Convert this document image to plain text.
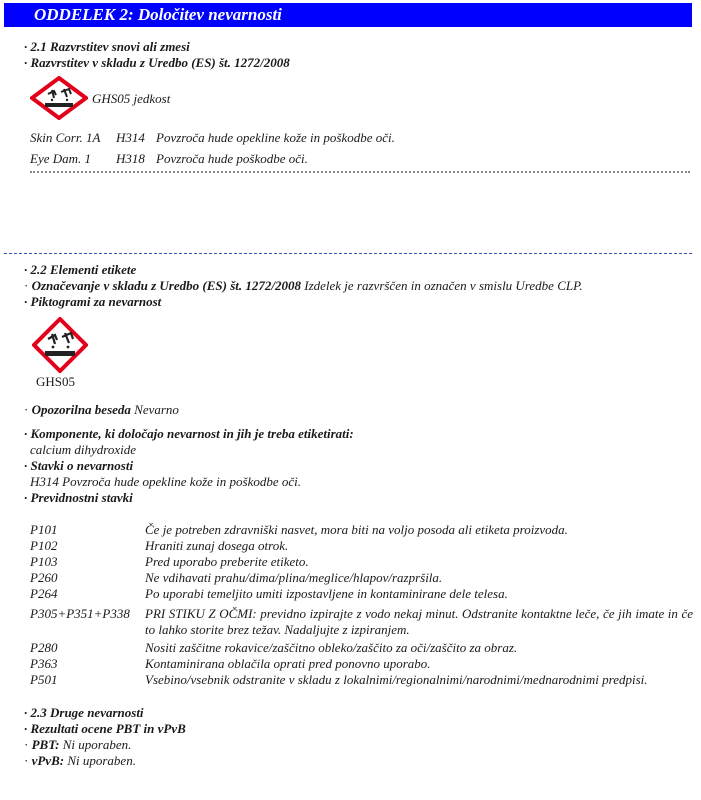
ODDELEK 2: Določitev nevarnosti
· 2.1 Razvrstitev snovi ali zmesi
· Razvrstitev v skladu z Uredbo (ES) št. 1272/2008
GHS05 jedkost
Skin Corr. 1A H314 Povzroča hude opekline kože in poškodbe oči.
Eye Dam. 1 H318 Povzroča hude poškodbe oči.
· 2.2 Elementi etikete
· Označevanje v skladu z Uredbo (ES) št. 1272/2008 Izdelek je razvrščen in označen v smislu Uredbe CLP.
· Piktogrami za nevarnost
GHS05
· Opozorilna beseda Nevarno
· Komponente, ki določajo nevarnost in jih je treba etiketirati:
calcium dihydroxide
· Stavki o nevarnosti
H314 Povzroča hude opekline kože in poškodbe oči.
· Previdnostni stavki
P101	Če je potreben zdravniški nasvet, mora biti na voljo posoda ali etiketa proizvoda.
P102	Hraniti zunaj dosega otrok.
P103	Pred uporabo preberite etiketo.
P260	Ne vdihavati prahu/dima/plina/meglice/hlapov/razpršila.
P264	Po uporabi temeljito umiti izpostavljene in kontaminirane dele telesa.
P305+P351+P338 PRI STIKU Z OČMI: previdno izpirajte z vodo nekaj minut. Odstranite kontaktne leče, če jih imate in če to lahko storite brez težav. Nadaljujte z izpiranjem.
P280	Nositi zaščitne rokavice/zaščitno obleko/zaščito za oči/zaščito za obraz.
P363	Kontaminirana oblačila oprati pred ponovno uporabo.
P501	Vsebino/vsebnik odstranite v skladu z lokalnimi/regionalnimi/narodnimi/mednarodnimi predpisi.
· 2.3 Druge nevarnosti
· Rezultati ocene PBT in vPvB
· PBT: Ni uporaben.
· vPvB: Ni uporaben.
